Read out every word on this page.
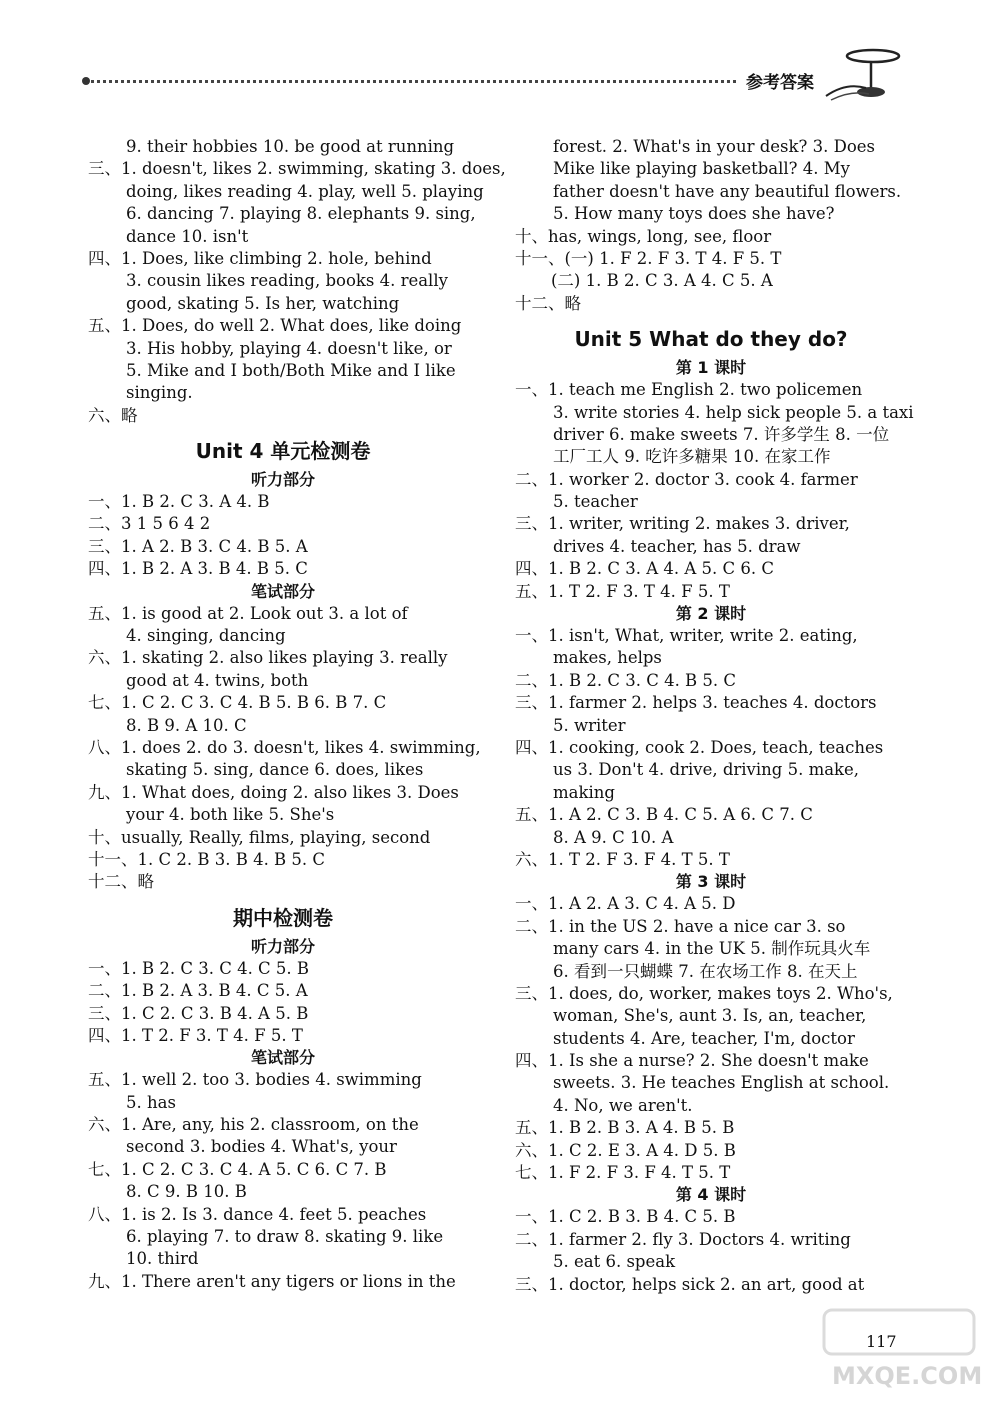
参考答案
9. their hobbies 10. be good at running
三、1. doesn't, likes 2. swimming, skating 3. does,
doing, likes reading 4. play, well 5. playing
6. dancing 7. playing 8. elephants 9. sing,
dance 10. isn't
四、1. Does, like climbing 2. hole, behind
3. cousin likes reading, books 4. really
good, skating 5. Is her, watching
五、1. Does, do well 2. What does, like doing
3. His hobby, playing 4. doesn't like, or
5. Mike and I both/Both Mike and I like
singing.
六、略
Unit 4 单元检测卷
听力部分
一、1. B 2. C 3. A 4. B
二、3 1 5 6 4 2
三、1. A 2. B 3. C 4. B 5. A
四、1. B 2. A 3. B 4. B 5. C
笔试部分
五、1. is good at 2. Look out 3. a lot of
4. singing, dancing
六、1. skating 2. also likes playing 3. really
good at 4. twins, both
七、1. C 2. C 3. C 4. B 5. B 6. B 7. C
8. B 9. A 10. C
八、1. does 2. do 3. doesn't, likes 4. swimming,
skating 5. sing, dance 6. does, likes
九、1. What does, doing 2. also likes 3. Does
your 4. both like 5. She's
十、usually, Really, films, playing, second
十一、1. C 2. B 3. B 4. B 5. C
十二、略
期中检测卷
听力部分
一、1. B 2. C 3. C 4. C 5. B
二、1. B 2. A 3. B 4. C 5. A
三、1. C 2. C 3. B 4. A 5. B
四、1. T 2. F 3. T 4. F 5. T
笔试部分
五、1. well 2. too 3. bodies 4. swimming
5. has
六、1. Are, any, his 2. classroom, on the
second 3. bodies 4. What's, your
七、1. C 2. C 3. C 4. A 5. C 6. C 7. B
8. C 9. B 10. B
八、1. is 2. Is 3. dance 4. feet 5. peaches
6. playing 7. to draw 8. skating 9. like
10. third
九、1. There aren't any tigers or lions in the
forest. 2. What's in your desk? 3. Does
Mike like playing basketball? 4. My
father doesn't have any beautiful flowers.
5. How many toys does she have?
十、has, wings, long, see, floor
十一、(一) 1. F 2. F 3. T 4. F 5. T
(二) 1. B 2. C 3. A 4. C 5. A
十二、略
Unit 5 What do they do?
第 1 课时
一、1. teach me English 2. two policemen
3. write stories 4. help sick people 5. a taxi
driver 6. make sweets 7. 许多学生 8. 一位
工厂工人 9. 吃许多糖果 10. 在家工作
二、1. worker 2. doctor 3. cook 4. farmer
5. teacher
三、1. writer, writing 2. makes 3. driver,
drives 4. teacher, has 5. draw
四、1. B 2. C 3. A 4. A 5. C 6. C
五、1. T 2. F 3. T 4. F 5. T
第 2 课时
一、1. isn't, What, writer, write 2. eating,
makes, helps
二、1. B 2. C 3. C 4. B 5. C
三、1. farmer 2. helps 3. teaches 4. doctors
5. writer
四、1. cooking, cook 2. Does, teach, teaches
us 3. Don't 4. drive, driving 5. make,
making
五、1. A 2. C 3. B 4. C 5. A 6. C 7. C
8. A 9. C 10. A
六、1. T 2. F 3. F 4. T 5. T
第 3 课时
一、1. A 2. A 3. C 4. A 5. D
二、1. in the US 2. have a nice car 3. so
many cars 4. in the UK 5. 制作玩具火车
6. 看到一只蝴蝶 7. 在农场工作 8. 在天上
三、1. does, do, worker, makes toys 2. Who's,
woman, She's, aunt 3. Is, an, teacher,
students 4. Are, teacher, I'm, doctor
四、1. Is she a nurse? 2. She doesn't make
sweets. 3. He teaches English at school.
4. No, we aren't.
五、1. B 2. B 3. A 4. B 5. B
六、1. C 2. E 3. A 4. D 5. B
七、1. F 2. F 3. F 4. T 5. T
第 4 课时
一、1. C 2. B 3. B 4. C 5. B
二、1. farmer 2. fly 3. Doctors 4. writing
5. eat 6. speak
三、1. doctor, helps sick 2. an art, good at
117
MXQE.COM
